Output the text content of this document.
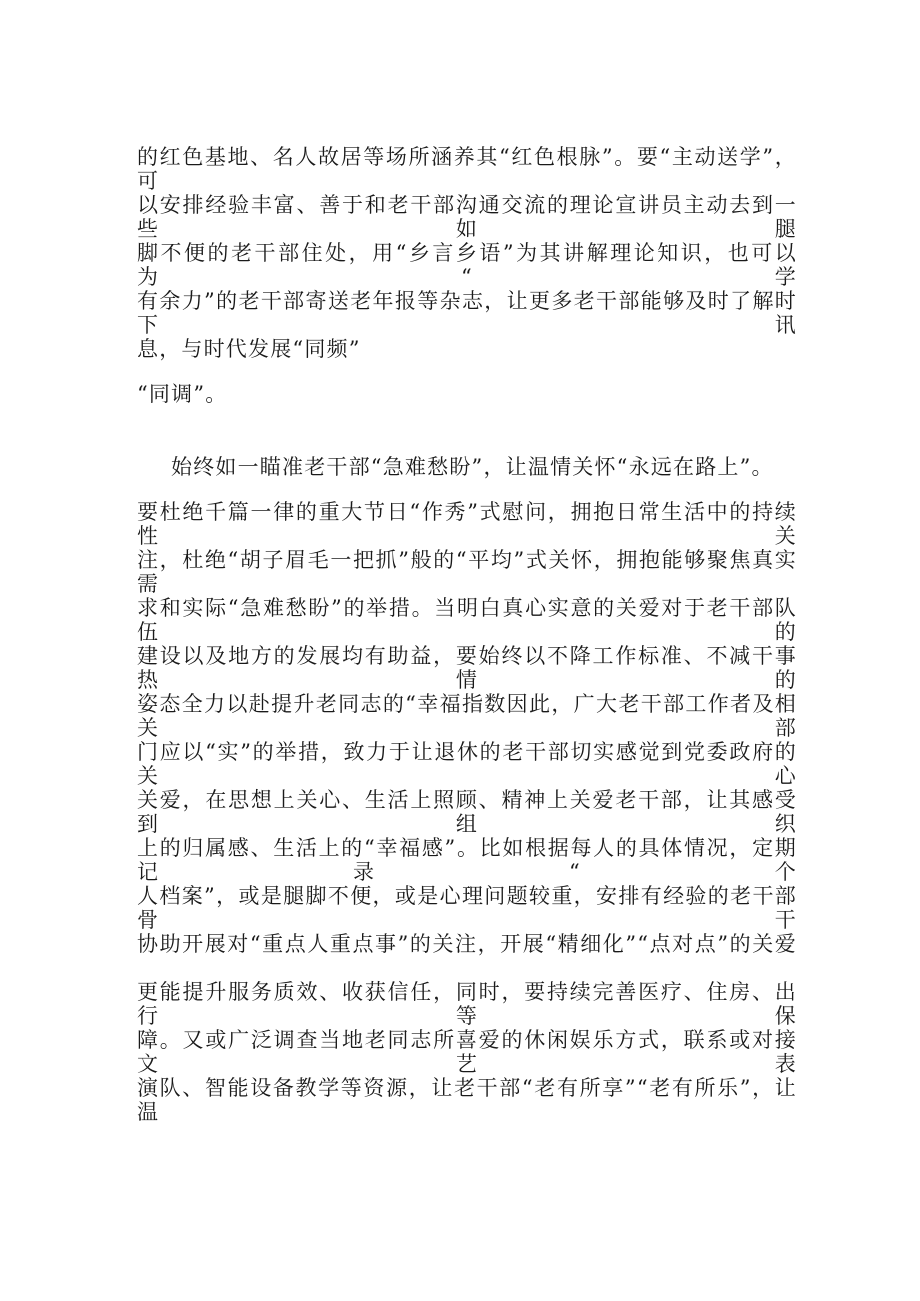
的红色基地、名人故居等场所涵养其“红色根脉”。要“主动送学”，可
以安排经验丰富、善于和老干部沟通交流的理论宣讲员主动去到一些如腿
脚不便的老干部住处，用“乡言乡语”为其讲解理论知识，也可以为“学
有余力”的老干部寄送老年报等杂志，让更多老干部能够及时了解时下讯
息，与时代发展“同频”
“同调”。
始终如一瞄准老干部“急难愁盼”，让温情关怀“永远在路上”。
要杜绝千篇一律的重大节日“作秀”式慰问，拥抱日常生活中的持续性关
注，杜绝“胡子眉毛一把抓”般的“平均”式关怀，拥抱能够聚焦真实需
求和实际“急难愁盼”的举措。当明白真心实意的关爱对于老干部队伍的
建设以及地方的发展均有助益，要始终以不降工作标准、不减干事热情的
姿态全力以赴提升老同志的“幸福指数因此，广大老干部工作者及相关部
门应以“实”的举措，致力于让退休的老干部切实感觉到党委政府的关心
关爱，在思想上关心、生活上照顾、精神上关爱老干部，让其感受到组织
上的归属感、生活上的“幸福感”。比如根据每人的具体情况，定期记录“个
人档案”，或是腿脚不便，或是心理问题较重，安排有经验的老干部骨干
协助开展对“重点人重点事”的关注，开展“精细化”“点对点”的关爱
更能提升服务质效、收获信任，同时，要持续完善医疗、住房、出行等保
障。又或广泛调查当地老同志所喜爱的休闲娱乐方式，联系或对接文艺表
演队、智能设备教学等资源，让老干部“老有所享”“老有所乐”，让温
